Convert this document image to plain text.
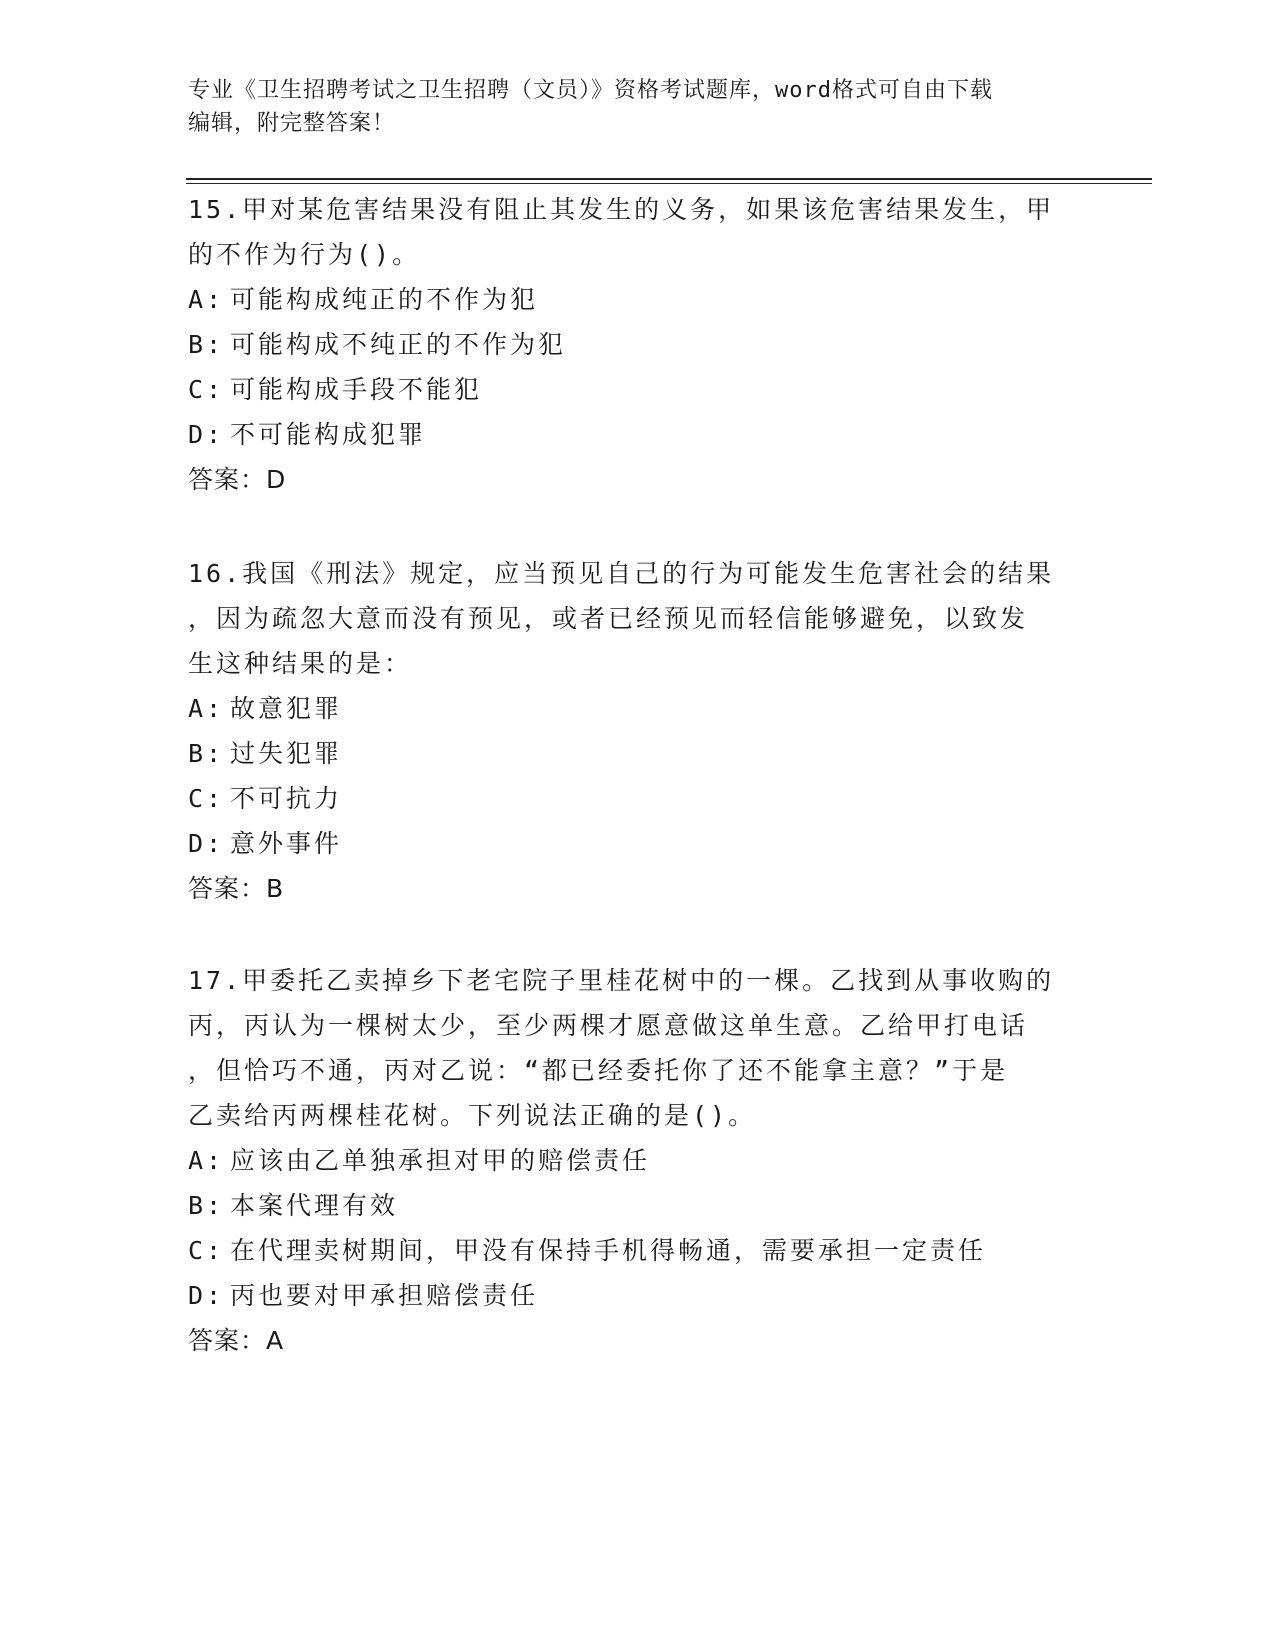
专业《卫生招聘考试之卫生招聘（文员）》资格考试题库，word格式可自由下载
编辑，附完整答案！
15.甲对某危害结果没有阻止其发生的义务，如果该危害结果发生，甲
的不作为行为()。
A: 可能构成纯正的不作为犯
B: 可能构成不纯正的不作为犯
C: 可能构成手段不能犯
D: 不可能构成犯罪
答案：D
16.我国《刑法》规定，应当预见自己的行为可能发生危害社会的结果
，因为疏忽大意而没有预见，或者已经预见而轻信能够避免，以致发
生这种结果的是：
A: 故意犯罪
B: 过失犯罪
C: 不可抗力
D: 意外事件
答案：B
17.甲委托乙卖掉乡下老宅院子里桂花树中的一棵。乙找到从事收购的
丙，丙认为一棵树太少，至少两棵才愿意做这单生意。乙给甲打电话
，但恰巧不通，丙对乙说：“都已经委托你了还不能拿主意？”于是
乙卖给丙两棵桂花树。下列说法正确的是()。
A: 应该由乙单独承担对甲的赔偿责任
B: 本案代理有效
C: 在代理卖树期间，甲没有保持手机得畅通，需要承担一定责任
D: 丙也要对甲承担赔偿责任
答案：A
